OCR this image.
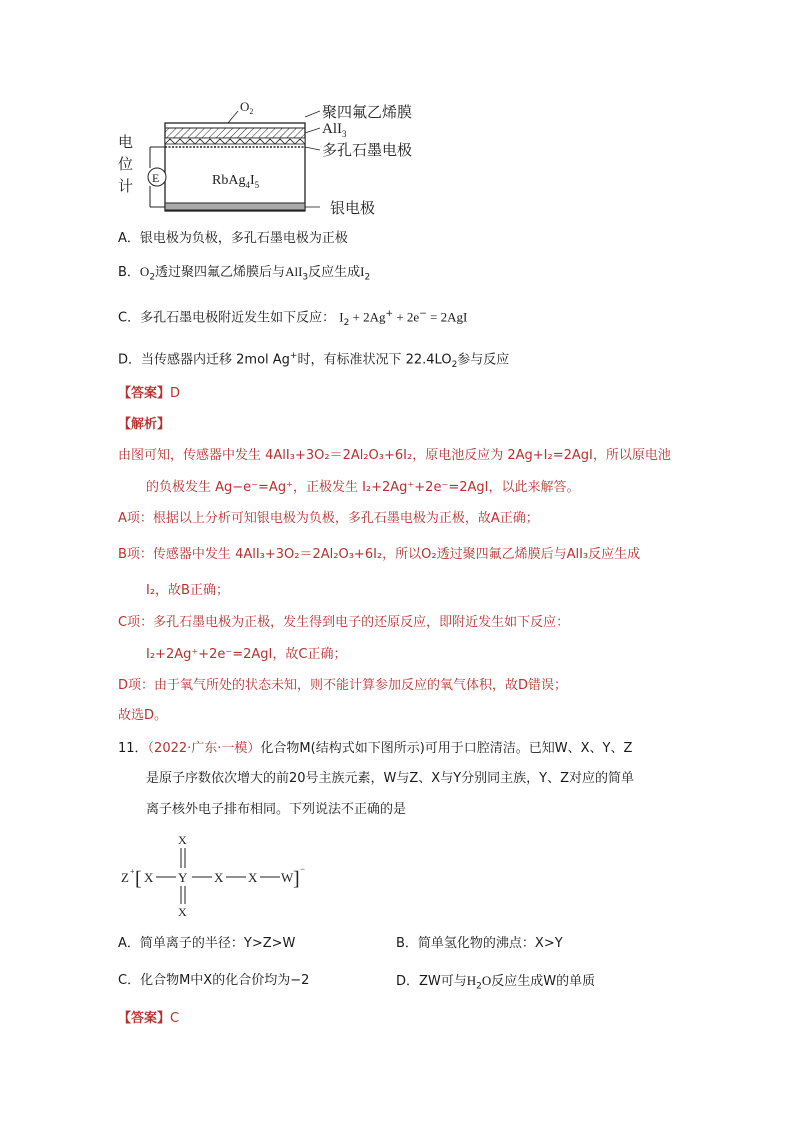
$O_2$	聚四氟乙烯膜
AlI$_3$
多孔石墨电极
银电极
$RbAg_4I_5$
E
电
位
计
A．银电极为负极，多孔石墨电极为正极
B．$O_2$透过聚四氟乙烯膜后与AlI$_3$反应生成$I_2$
C．多孔石墨电极附近发生如下反应： $I_2 + 2Ag^+ + 2e^- = 2AgI$
D．当传感器内迁移 2mol Ag+时，有标准状况下 $22.4LO_2$参与反应
【答案】D
【解析】
由图可知，传感器中发生 4AlI₃+3O₂＝2Al₂O₃+6I₂，原电池反应为 2Ag+I₂=2AgI，所以原电池
的负极发生 Ag−e⁻=Ag⁺，正极发生 I₂+2Ag⁺+2e⁻=2AgI，以此来解答。
A项：根据以上分析可知银电极为负极，多孔石墨电极为正极，故A正确；
B项：传感器中发生 4AlI₃+3O₂＝2Al₂O₃+6I₂，所以O₂透过聚四氟乙烯膜后与AlI₃反应生成
I₂，故B正确；
C项：多孔石墨电极为正极，发生得到电子的还原反应，即附近发生如下反应：
I₂+2Ag⁺+2e⁻=2AgI，故C正确；
D项：由于氧气所处的状态未知，则不能计算参加反应的氧气体积，故D错误；
故选D。
11．（2022·广东·一模）化合物M(结构式如下图所示)可用于口腔清洁。已知W、X、Y、Z
是原子序数依次增大的前20号主族元素，W与Z、X与Y分别同主族，Y、Z对应的简单
离子核外电子排布相同。下列说法不正确的是
Z + [ X Y X X W ] −
X
X
A．简单离子的半径：Y>Z>W	B．简单氢化物的沸点：X>Y
C．化合物M中X的化合价均为−2	D．ZW可与$H_2O$反应生成W的单质
【答案】C
